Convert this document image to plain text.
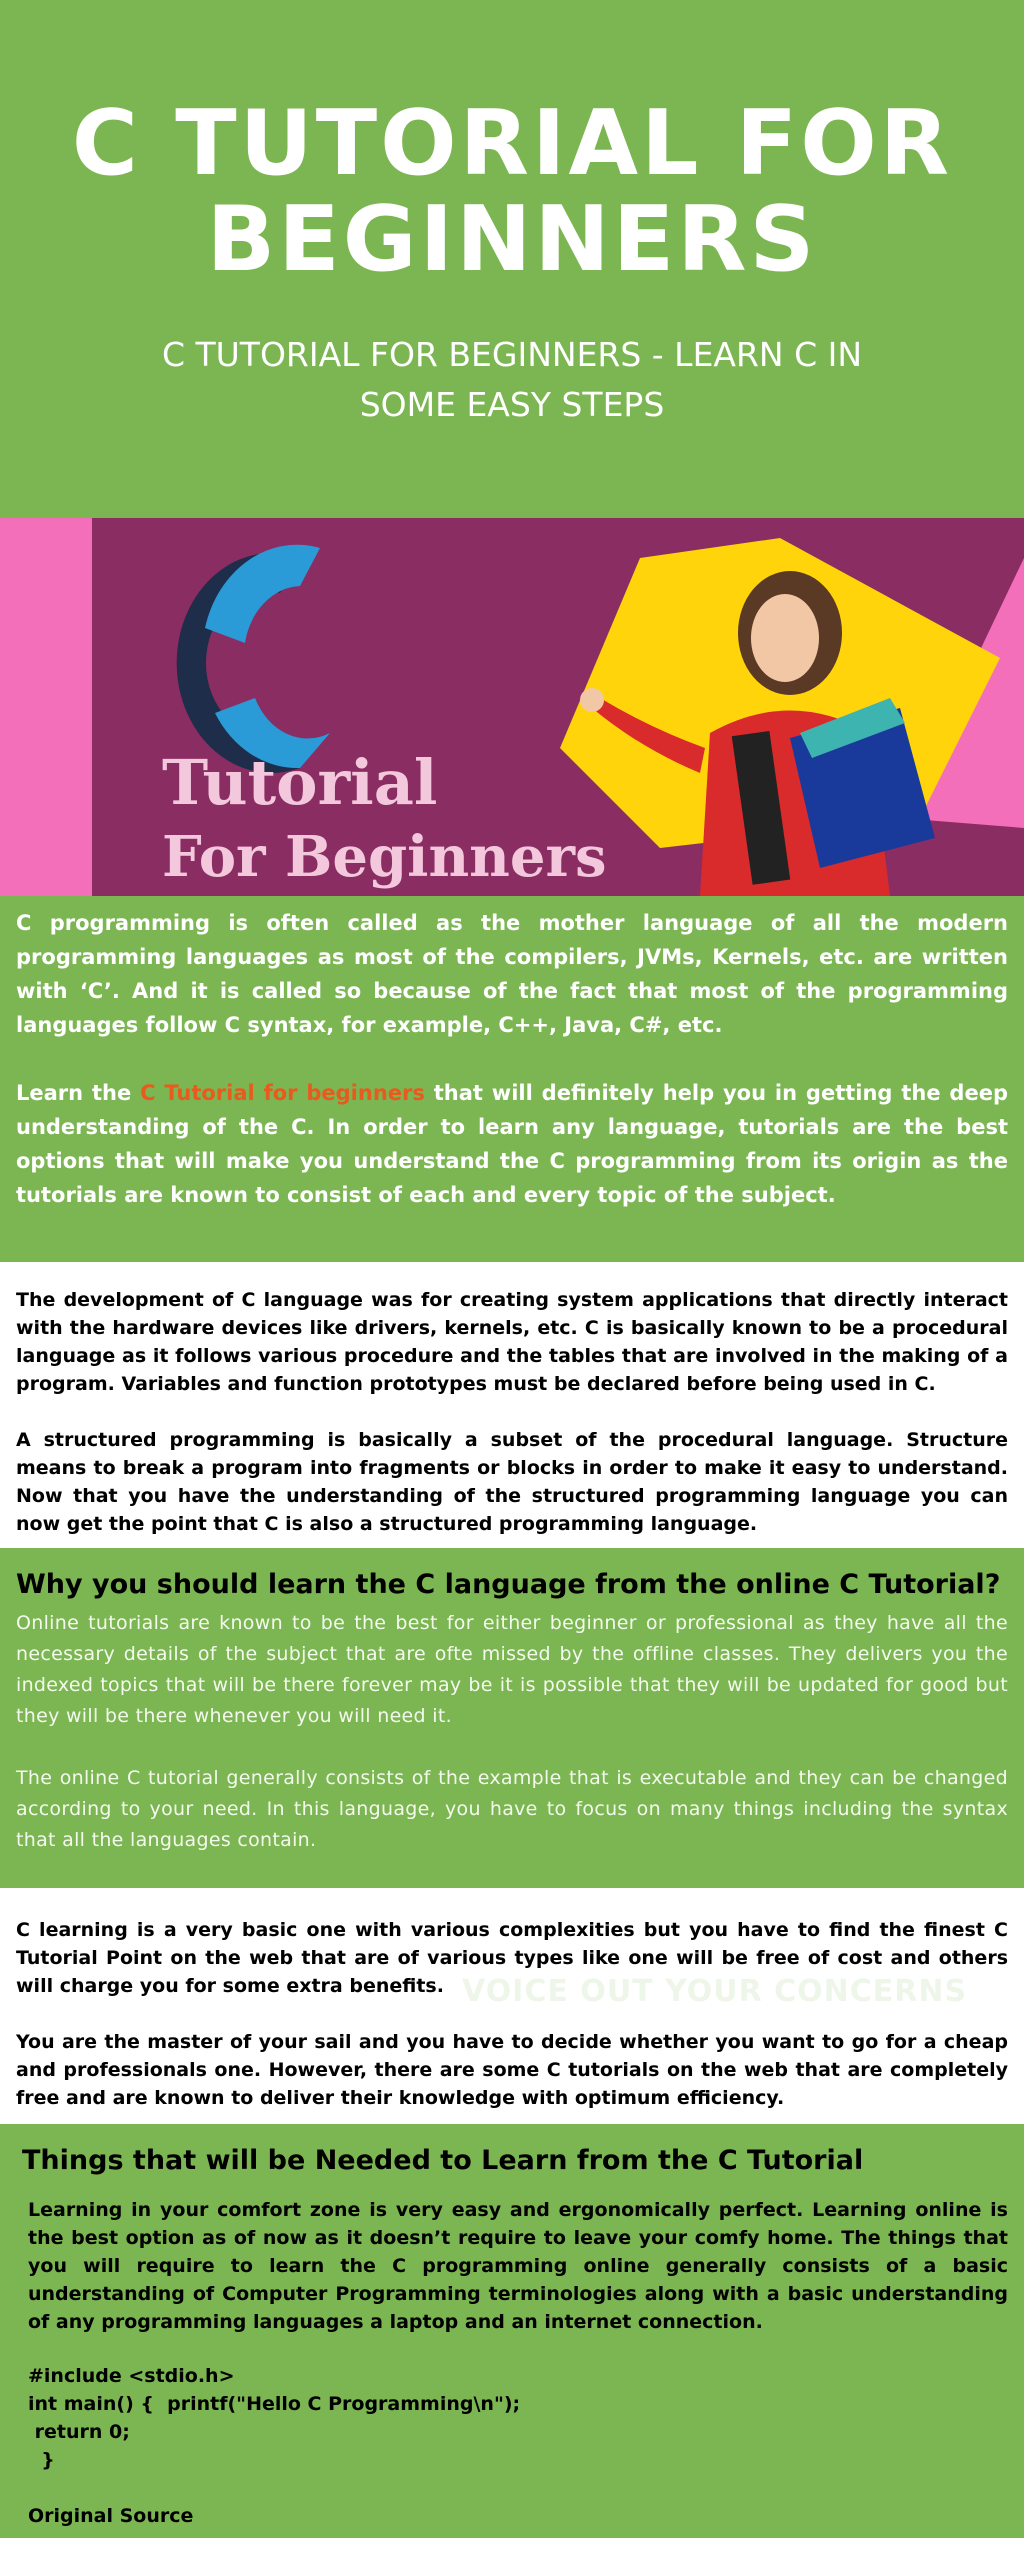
C TUTORIAL FOR BEGINNERS
C TUTORIAL FOR BEGINNERS - LEARN C IN SOME EASY STEPS
Tutorial
For Beginners

C programming is often called as the mother language of all the modern programming languages as most of the compilers, JVMs, Kernels, etc. are written with ‘C’. And it is called so because of the fact that most of the programming languages follow C syntax, for example, C++, Java, C#, etc.

Learn the C Tutorial for beginners that will definitely help you in getting the deep understanding of the C. In order to learn any language, tutorials are the best options that will make you understand the C programming from its origin as the tutorials are known to consist of each and every topic of the subject.

The development of C language was for creating system applications that directly interact with the hardware devices like drivers, kernels, etc. C is basically known to be a procedural language as it follows various procedure and the tables that are involved in the making of a program. Variables and function prototypes must be declared before being used in C.

A structured programming is basically a subset of the procedural language. Structure means to break a program into fragments or blocks in order to make it easy to understand. Now that you have the understanding of the structured programming language you can now get the point that C is also a structured programming language.

Why you should learn the C language from the online C Tutorial?

Online tutorials are known to be the best for either beginner or professional as they have all the necessary details of the subject that are ofte missed by the offline classes. They delivers you the indexed topics that will be there forever may be it is possible that they will be updated for good but they will be there whenever you will need it.

The online C tutorial generally consists of the example that is executable and they can be changed according to your need. In this language, you have to focus on many things including the syntax that all the languages contain.

VOICE OUT YOUR CONCERNS

C learning is a very basic one with various complexities but you have to find the finest C Tutorial Point on the web that are of various types like one will be free of cost and others will charge you for some extra benefits.

You are the master of your sail and you have to decide whether you want to go for a cheap and professionals one. However, there are some C tutorials on the web that are completely free and are known to deliver their knowledge with optimum efficiency.

Things that will be Needed to Learn from the C Tutorial

Learning in your comfort zone is very easy and ergonomically perfect. Learning online is the best option as of now as it doesn’t require to leave your comfy home. The things that you will require to learn the C programming online generally consists of a basic understanding of Computer Programming terminologies along with a basic understanding of any programming languages a laptop and an internet connection.

#include <stdio.h>
int main() {  printf("Hello C Programming\n");
return 0;
}
Original Source
